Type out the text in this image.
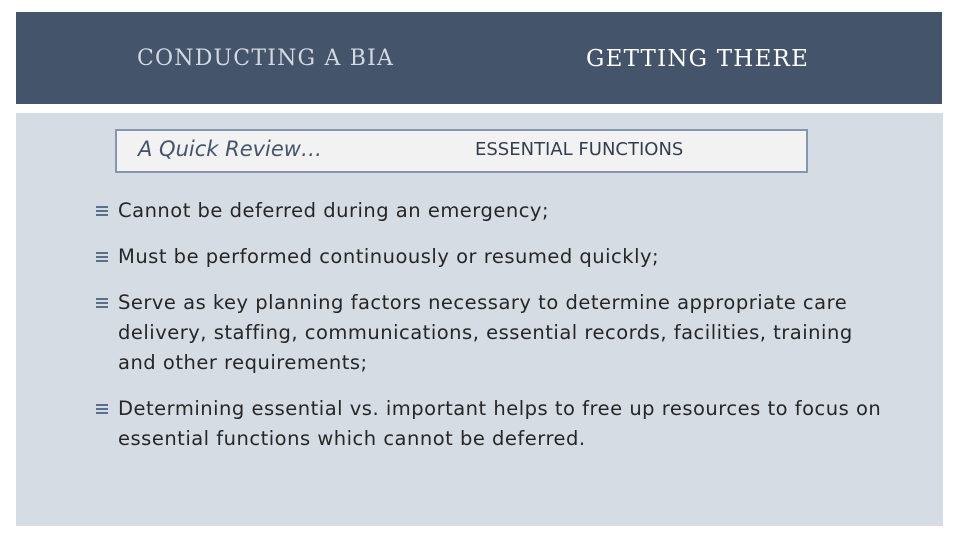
CONDUCTING A BIA	GETTING THERE
A Quick Review…	ESSENTIAL FUNCTIONS
Cannot be deferred during an emergency;
Must be performed continuously or resumed quickly;
Serve as key planning factors necessary to determine appropriate care delivery, staffing, communications, essential records, facilities, training and other requirements;
Determining essential vs. important helps to free up resources to focus on essential functions which cannot be deferred.
